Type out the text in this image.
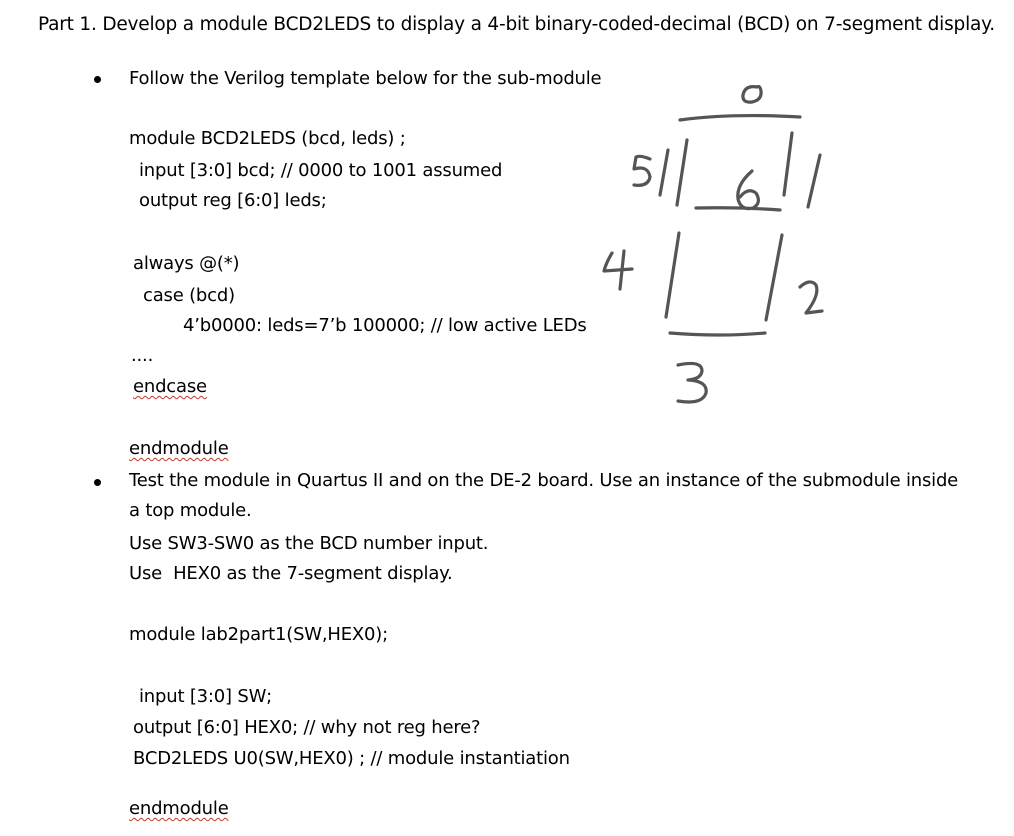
Part 1. Develop a module BCD2LEDS to display a 4-bit binary-coded-decimal (BCD) on 7-segment display.
Follow the Verilog template below for the sub-module
module BCD2LEDS (bcd, leds) ;
input [3:0] bcd; // 0000 to 1001 assumed
output reg [6:0] leds;
always @(*)
case (bcd)
4’b0000: leds=7’b 100000; // low active LEDs
....
endcase
endmodule
Test the module in Quartus II and on the DE-2 board. Use an instance of the submodule inside
a top module.
Use SW3-SW0 as the BCD number input.
Use  HEX0 as the 7-segment display.
module lab2part1(SW,HEX0);
input [3:0] SW;
output [6:0] HEX0; // why not reg here?
BCD2LEDS U0(SW,HEX0) ; // module instantiation
endmodule
